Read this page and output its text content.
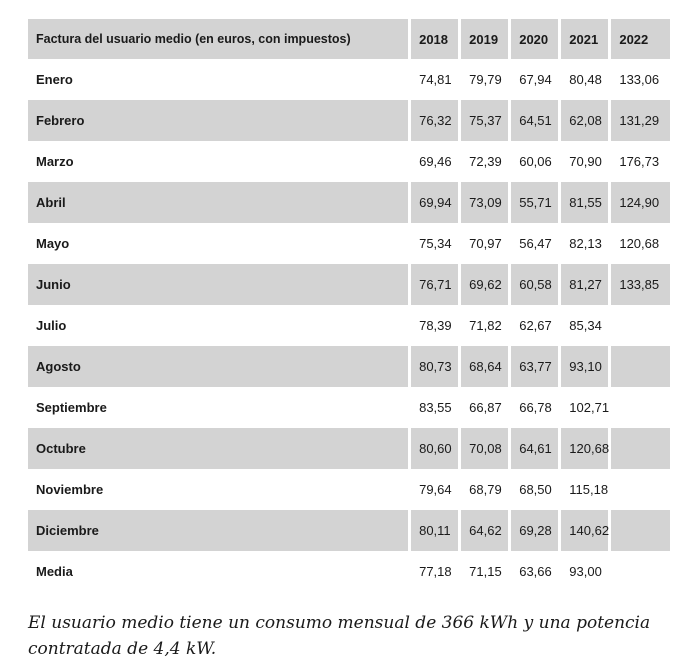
Factura del usuario medio (en euros, con impuestos)	2018	2019	2020	2021	2022
Enero	74,81	79,79	67,94	80,48	133,06
Febrero	76,32	75,37	64,51	62,08	131,29
Marzo	69,46	72,39	60,06	70,90	176,73
Abril	69,94	73,09	55,71	81,55	124,90
Mayo	75,34	70,97	56,47	82,13	120,68
Junio	76,71	69,62	60,58	81,27	133,85
Julio	78,39	71,82	62,67	85,34	
Agosto	80,73	68,64	63,77	93,10	
Septiembre	83,55	66,87	66,78	102,71	
Octubre	80,60	70,08	64,61	120,68	
Noviembre	79,64	68,79	68,50	115,18	
Diciembre	80,11	64,62	69,28	140,62	
Media	77,18	71,15	63,66	93,00	
El usuario medio tiene un consumo mensual de 366 kWh y una potencia contratada de 4,4 kW.
